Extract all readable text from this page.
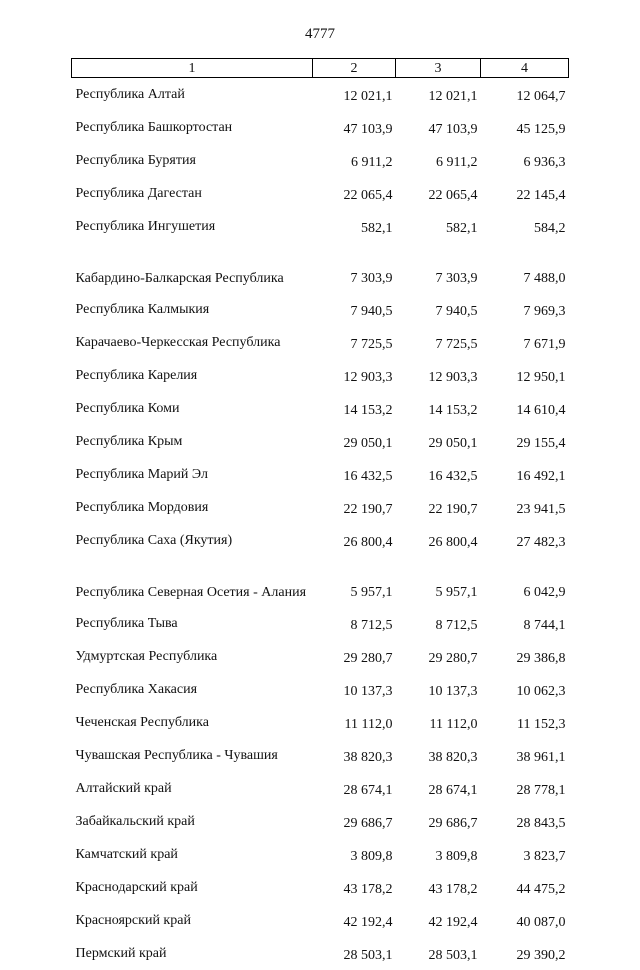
4777
1	2	3	4
Республика Алтай	12 021,1	12 021,1	12 064,7
Республика Башкортостан	47 103,9	47 103,9	45 125,9
Республика Бурятия	6 911,2	6 911,2	6 936,3
Республика Дагестан	22 065,4	22 065,4	22 145,4
Республика Ингушетия	582,1	582,1	584,2
Кабардино-Балкарская Республика	7 303,9	7 303,9	7 488,0
Республика Калмыкия	7 940,5	7 940,5	7 969,3
Карачаево-Черкесская Республика	7 725,5	7 725,5	7 671,9
Республика Карелия	12 903,3	12 903,3	12 950,1
Республика Коми	14 153,2	14 153,2	14 610,4
Республика Крым	29 050,1	29 050,1	29 155,4
Республика Марий Эл	16 432,5	16 432,5	16 492,1
Республика Мордовия	22 190,7	22 190,7	23 941,5
Республика Саха (Якутия)	26 800,4	26 800,4	27 482,3
Республика Северная Осетия - Алания	5 957,1	5 957,1	6 042,9
Республика Тыва	8 712,5	8 712,5	8 744,1
Удмуртская Республика	29 280,7	29 280,7	29 386,8
Республика Хакасия	10 137,3	10 137,3	10 062,3
Чеченская Республика	11 112,0	11 112,0	11 152,3
Чувашская Республика - Чувашия	38 820,3	38 820,3	38 961,1
Алтайский край	28 674,1	28 674,1	28 778,1
Забайкальский край	29 686,7	29 686,7	28 843,5
Камчатский край	3 809,8	3 809,8	3 823,7
Краснодарский край	43 178,2	43 178,2	44 475,2
Красноярский край	42 192,4	42 192,4	40 087,0
Пермский край	28 503,1	28 503,1	29 390,2
